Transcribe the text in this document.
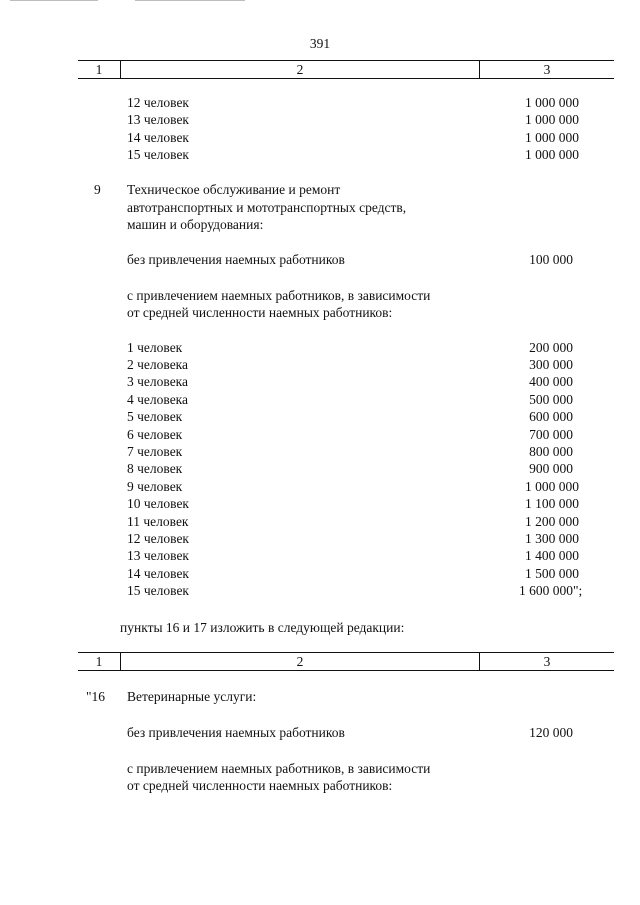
391
1	2	3
12 человек	1 000 000
13 человек	1 000 000
14 человек	1 000 000
15 человек	1 000 000
9 Техническое обслуживание и ремонт
автотранспортных и мототранспортных средств,
машин и оборудования:
без привлечения наемных работников	100 000
с привлечением наемных работников, в зависимости
от средней численности наемных работников:
1 человек	200 000
2 человека	300 000
3 человека	400 000
4 человека	500 000
5 человек	600 000
6 человек	700 000
7 человек	800 000
8 человек	900 000
9 человек	1 000 000
10 человек	1 100 000
11 человек	1 200 000
12 человек	1 300 000
13 человек	1 400 000
14 человек	1 500 000
15 человек	1 600 000";
пункты 16 и 17 изложить в следующей редакции:
1	2	3
"16 Ветеринарные услуги:
без привлечения наемных работников	120 000
с привлечением наемных работников, в зависимости
от средней численности наемных работников:
